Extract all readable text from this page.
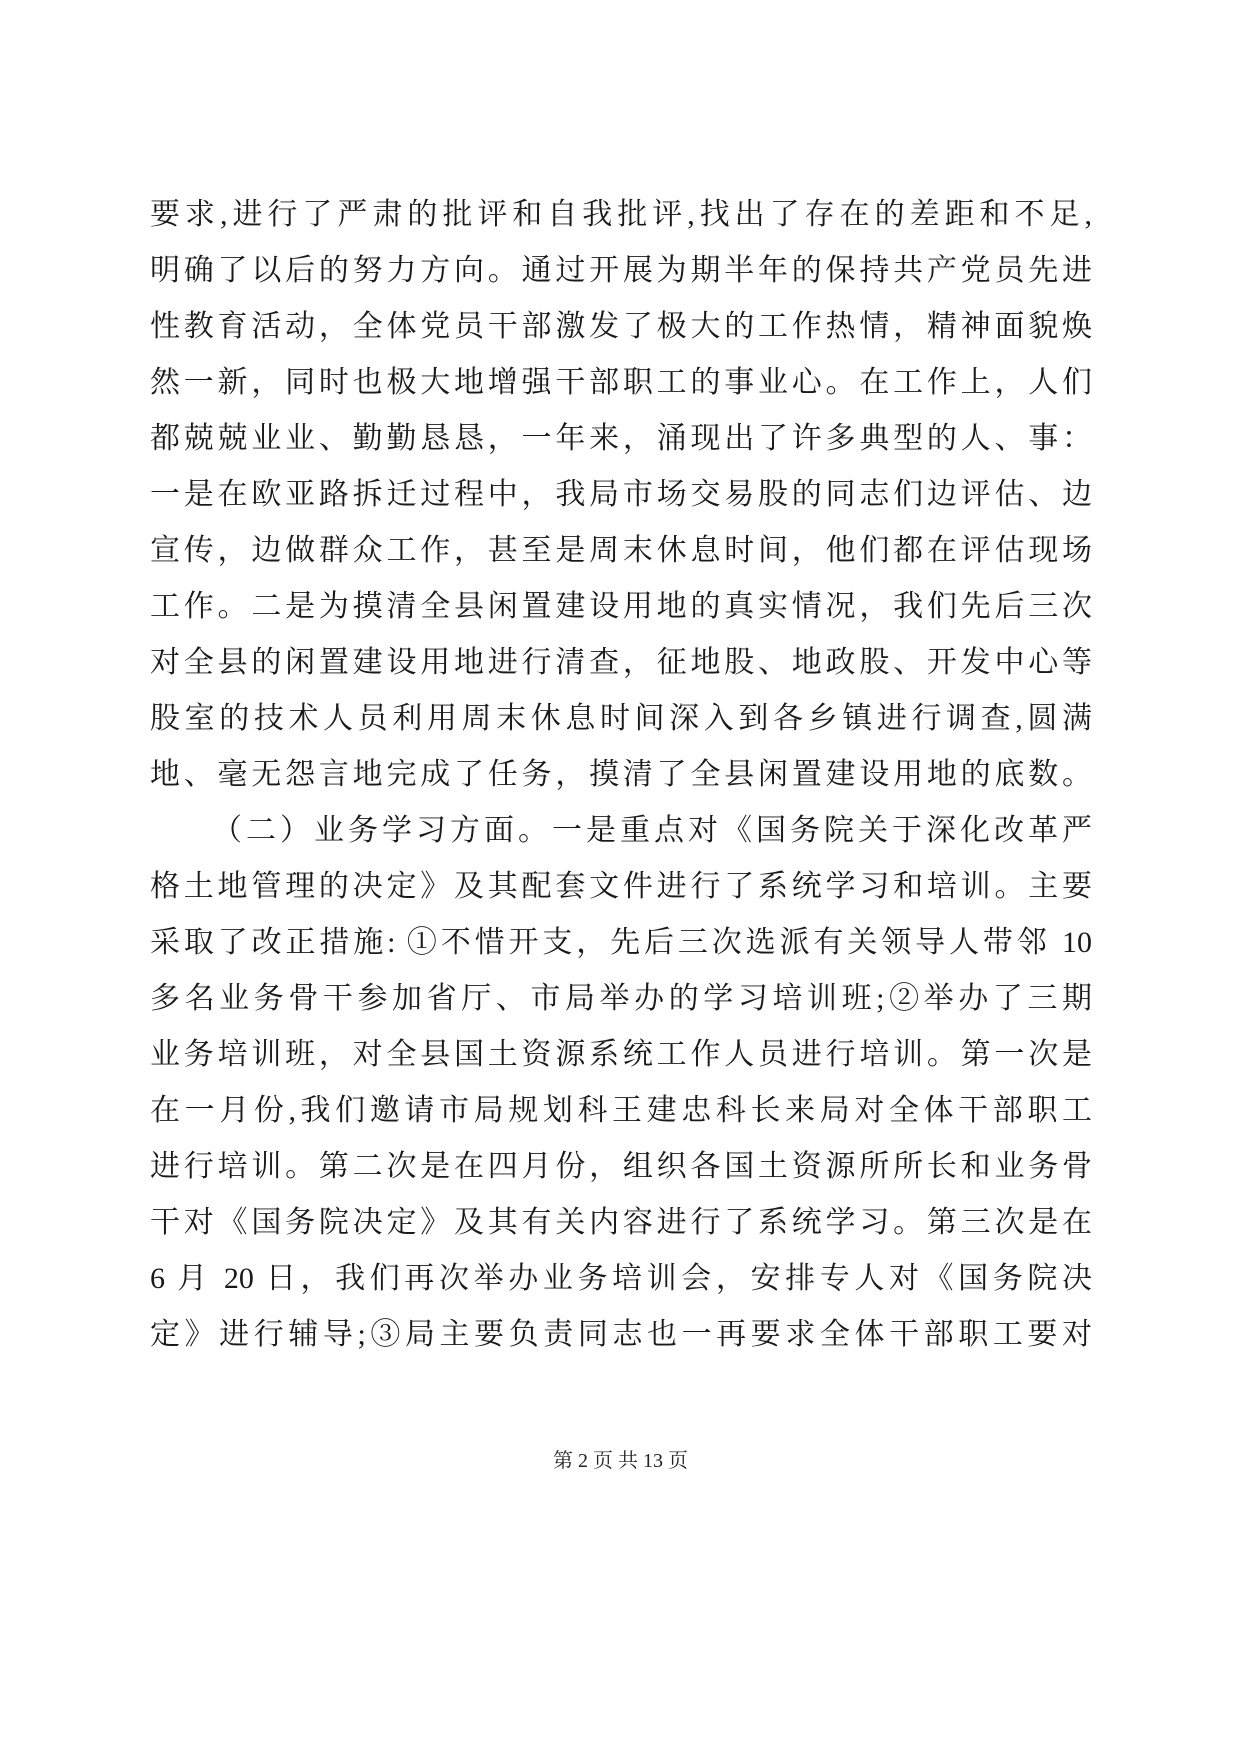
要求,进行了严肃的批评和自我批评,找出了存在的差距和不足,
明确了以后的努力方向。通过开展为期半年的保持共产党员先进
性教育活动，全体党员干部激发了极大的工作热情，精神面貌焕
然一新，同时也极大地增强干部职工的事业心。在工作上，人们
都兢兢业业、勤勤恳恳，一年来，涌现出了许多典型的人、事：
一是在欧亚路拆迁过程中，我局市场交易股的同志们边评估、边
宣传，边做群众工作，甚至是周末休息时间，他们都在评估现场
工作。二是为摸清全县闲置建设用地的真实情况，我们先后三次
对全县的闲置建设用地进行清查，征地股、地政股、开发中心等
股室的技术人员利用周末休息时间深入到各乡镇进行调查,圆满
地、毫无怨言地完成了任务，摸清了全县闲置建设用地的底数。
（二）业务学习方面。一是重点对《国务院关于深化改革严
格土地管理的决定》及其配套文件进行了系统学习和培训。主要
采取了改正措施: ①不惜开支，先后三次选派有关领导人带邻 10
多名业务骨干参加省厅、市局举办的学习培训班;②举办了三期
业务培训班，对全县国土资源系统工作人员进行培训。第一次是
在一月份,我们邀请市局规划科王建忠科长来局对全体干部职工
进行培训。第二次是在四月份，组织各国土资源所所长和业务骨
干对《国务院决定》及其有关内容进行了系统学习。第三次是在
6 月 20 日，我们再次举办业务培训会，安排专人对《国务院决
定》进行辅导;③局主要负责同志也一再要求全体干部职工要对
第 2 页 共 13 页
